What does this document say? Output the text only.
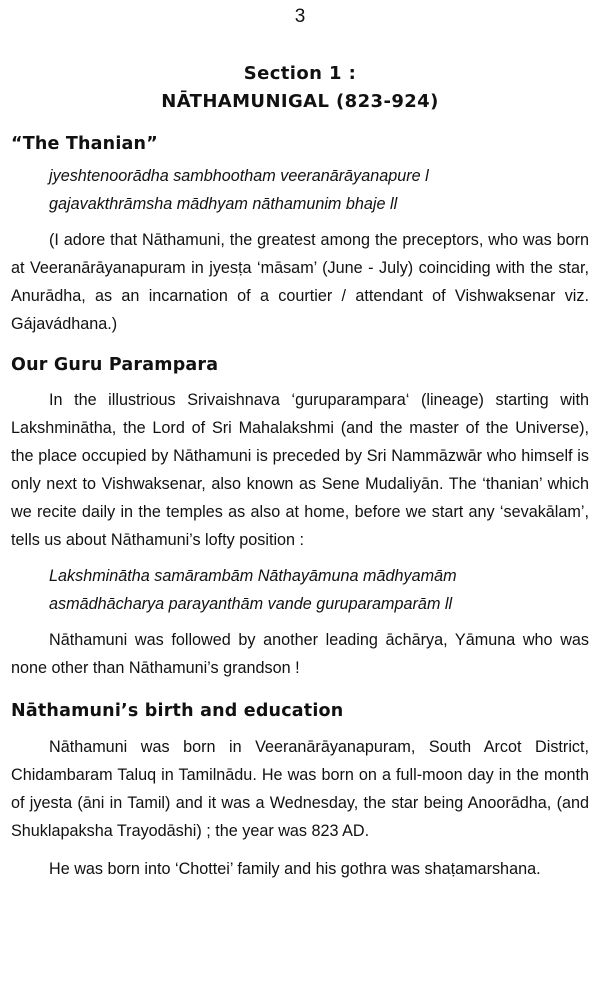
3
Section 1 :
NĀTHAMUNIGAL (823-924)
“The Thanian”
jyeshtenoorādha sambhootham veeranārāyanapure l
gajavakthrāmsha mādhyam nāthamunim bhaje ll

(I adore that Nāthamuni, the greatest among the preceptors, who was born at Veeranārāyanapuram in jyesṭa ‘māsam’ (June - July) coinciding with the star, Anurādha, as an incarnation of a courtier / attendant of Vishwaksenar viz. Gájavádhana.)

Our Guru Parampara

In the illustrious Srivaishnava ‘guruparampara‘ (lineage) starting with Lakshminātha, the Lord of Sri Mahalakshmi (and the master of the Universe), the place occupied by Nāthamuni is preceded by Sri Nammāzwār who himself is only next to Vishwaksenar, also known as Sene Mudaliyān. The ‘thanian’ which we recite daily in the temples as also at home, before we start any ‘sevakālam’, tells us about Nāthamuni’s lofty position :

Lakshminātha samārambām Nāthayāmuna mādhyamām
asmādhācharya parayanthām vande guruparamparām ll

Nāthamuni was followed by another leading āchārya, Yāmuna who was none other than Nāthamuni’s grandson !

Nāthamuni’s birth and education

Nāthamuni was born in Veeranārāyanapuram, South Arcot District, Chidambaram Taluq in Tamilnādu. He was born on a full-moon day in the month of jyesta (āni in Tamil) and it was a Wednesday, the star being Anoorādha, (and Shuklapaksha Trayodāshi) ; the year was 823 AD.

He was born into ‘Chottei’ family and his gothra was shaṭamarshana.
